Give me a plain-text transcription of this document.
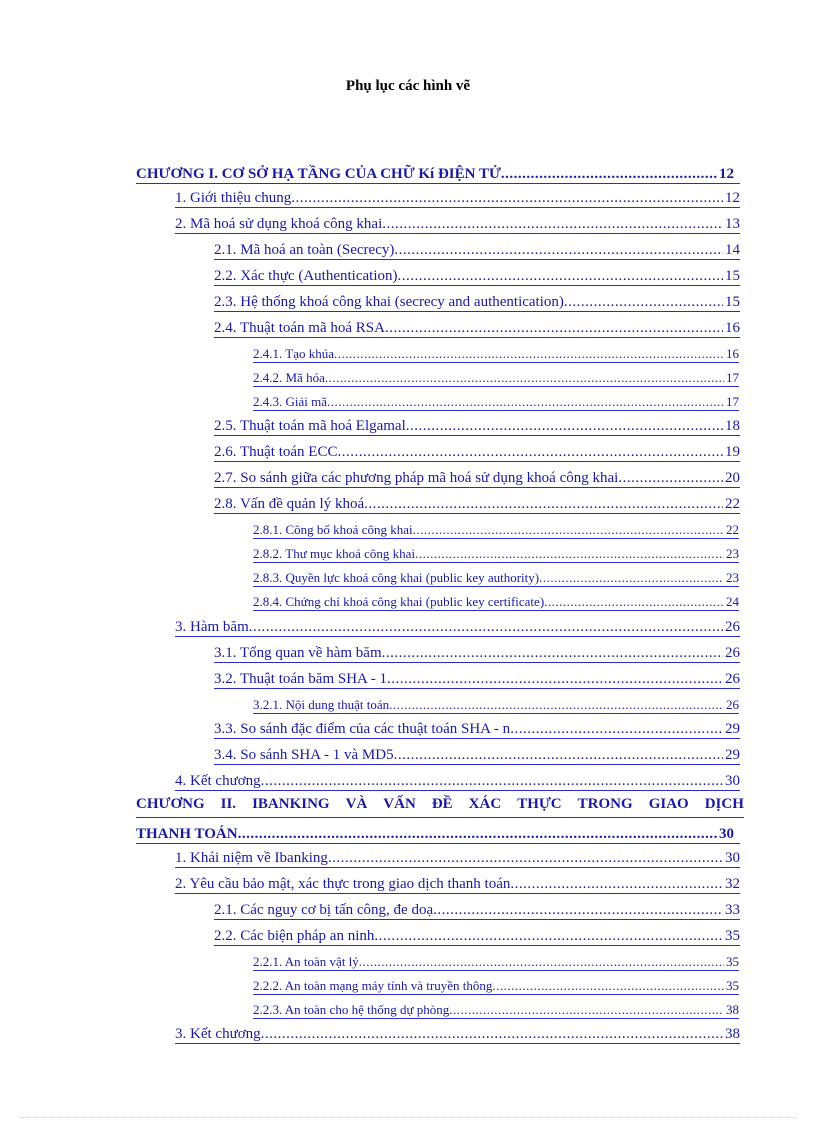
Phụ lục các hình vẽ
CHƯƠNG I. CƠ SỞ HẠ TẦNG CỦA CHỮ Kí ĐIỆN TỬ .....	12
1. Giới thiệu chung .....	12
2. Mã hoá sử dụng khoá công khai .....	13
2.1. Mã hoá an toàn (Secrecy) .....	14
2.2. Xác thực (Authentication) .....	15
2.3. Hệ thống khoá công khai (secrecy and authentication) .....	15
2.4. Thuật toán mã hoá RSA .....	16
2.4.1. Tạo khúa .....	16
2.4.2. Mã hóa .....	17
2.4.3. Giải mã .....	17
2.5. Thuật toán mã hoá Elgamal .....	18
2.6. Thuật toán ECC .....	19
2.7. So sánh giữa các phương pháp mã hoá sử dụng khoá công khai .....	20
2.8. Vấn đề quản lý khoá .....	22
2.8.1. Công bố khoá công khai .....	22
2.8.2. Thư mục khoá công khai .....	23
2.8.3. Quyền lực khoá công khai (public key authority) .....	23
2.8.4. Chứng chỉ khoá công khai (public key certificate) .....	24
3. Hàm băm .....	26
3.1. Tổng quan về hàm băm .....	26
3.2. Thuật toán băm SHA - 1 .....	26
3.2.1. Nội dung thuật toán .....	26
3.3. So sánh đặc điểm của các thuật toán SHA - n .....	29
3.4. So sánh SHA - 1 và MD5 .....	29
4. Kết chương .....	30
CHƯƠNG II. IBANKING VÀ VẤN ĐỀ XÁC THỰC TRONG GIAO DỊCH
THANH TOÁN .....	30
1. Khái niệm về Ibanking .....	30
2. Yêu cầu bảo mật, xác thực trong giao dịch thanh toán .....	32
2.1. Các nguy cơ bị tấn công, đe doạ .....	33
2.2. Các biện pháp an ninh .....	35
2.2.1. An toàn vật lý .....	35
2.2.2. An toàn mạng máy tính và truyền thông .....	35
2.2.3. An toàn cho hệ thống dự phòng .....	38
3. Kết chương .....	38
